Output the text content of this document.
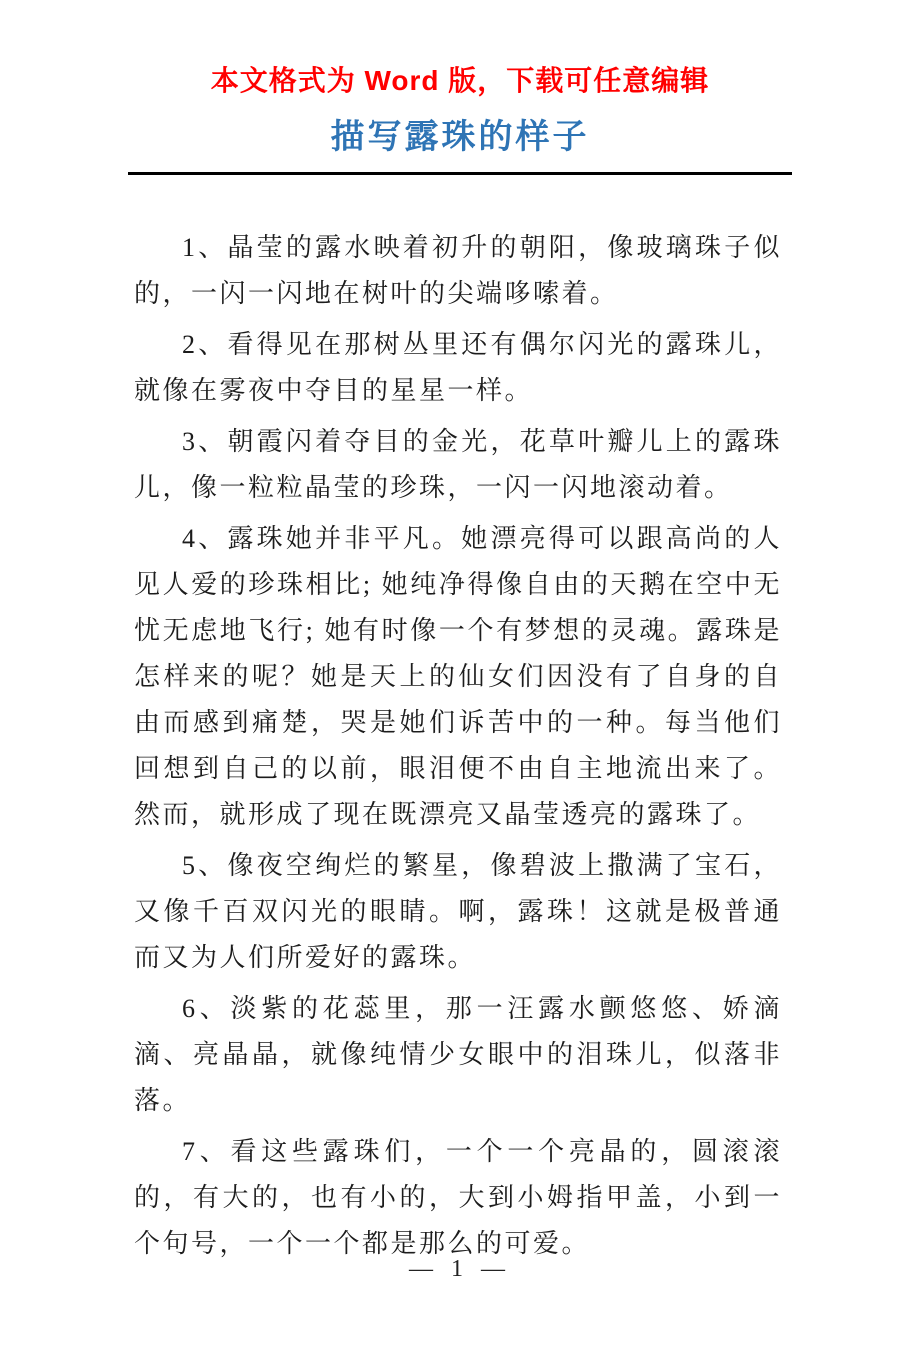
本文格式为 Word 版，下载可任意编辑
描写露珠的样子

1、晶莹的露水映着初升的朝阳，像玻璃珠子似的，一闪一闪地在树叶的尖端哆嗦着。

2、看得见在那树丛里还有偶尔闪光的露珠儿，就像在雾夜中夺目的星星一样。

3、朝霞闪着夺目的金光，花草叶瓣儿上的露珠儿，像一粒粒晶莹的珍珠，一闪一闪地滚动着。

4、露珠她并非平凡。她漂亮得可以跟高尚的人见人爱的珍珠相比; 她纯净得像自由的天鹅在空中无忧无虑地飞行; 她有时像一个有梦想的灵魂。露珠是怎样来的呢？她是天上的仙女们因没有了自身的自由而感到痛楚，哭是她们诉苦中的一种。每当他们回想到自己的以前，眼泪便不由自主地流出来了。然而，就形成了现在既漂亮又晶莹透亮的露珠了。

5、像夜空绚烂的繁星，像碧波上撒满了宝石，又像千百双闪光的眼睛。啊，露珠！这就是极普通而又为人们所爱好的露珠。

6、淡紫的花蕊里，那一汪露水颤悠悠、娇滴滴、亮晶晶，就像纯情少女眼中的泪珠儿，似落非落。

7、看这些露珠们，一个一个亮晶的，圆滚滚的，有大的，也有小的，大到小姆指甲盖，小到一个句号，一个一个都是那么的可爱。

— 1 —
